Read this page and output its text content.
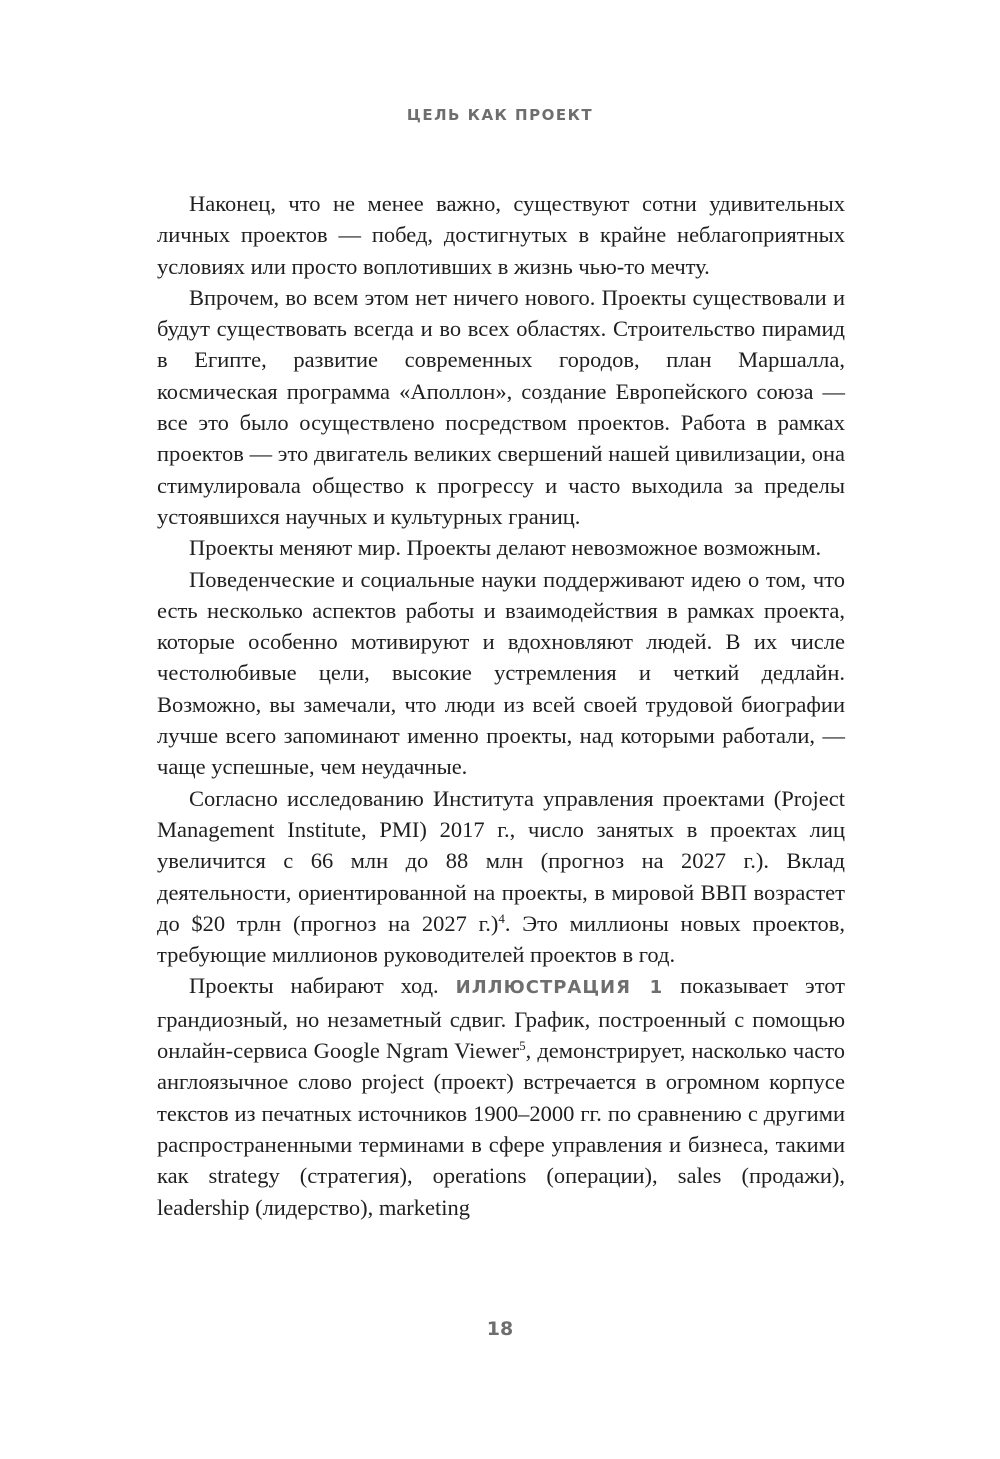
ЦЕЛЬ КАК ПРОЕКТ

Наконец, что не менее важно, существуют сотни удивительных личных проектов — побед, достигнутых в крайне неблагоприятных условиях или просто воплотивших в жизнь чью-то мечту.

Впрочем, во всем этом нет ничего нового. Проекты существовали и будут существовать всегда и во всех областях. Строительство пирамид в Египте, развитие современных городов, план Маршалла, космическая программа «Аполлон», создание Европейского союза — все это было осуществлено посредством проектов. Работа в рамках проектов — это двигатель великих свершений нашей цивилизации, она стимулировала общество к прогрессу и часто выходила за пределы устоявшихся научных и культурных границ.

Проекты меняют мир. Проекты делают невозможное возможным.

Поведенческие и социальные науки поддерживают идею о том, что есть несколько аспектов работы и взаимодействия в рамках проекта, которые особенно мотивируют и вдохновляют людей. В их числе честолюбивые цели, высокие устремления и четкий дедлайн. Возможно, вы замечали, что люди из всей своей трудовой биографии лучше всего запоминают именно проекты, над которыми работали, — чаще успешные, чем неудачные.

Согласно исследованию Института управления проектами (Project Management Institute, PMI) 2017 г., число занятых в проектах лиц увеличится с 66 млн до 88 млн (прогноз на 2027 г.). Вклад деятельности, ориентированной на проекты, в мировой ВВП возрастет до $20 трлн (прогноз на 2027 г.)$^4$. Это миллионы новых проектов, требующие миллионов руководителей проектов в год.

Проекты набирают ход. ИЛЛЮСТРАЦИЯ 1 показывает этот грандиозный, но незаметный сдвиг. График, построенный с помощью онлайн-сервиса Google Ngram Viewer$^5$, демонстрирует, насколько часто англоязычное слово project (проект) встречается в огромном корпусе текстов из печатных источников 1900–2000 гг. по сравнению с другими распространенными терминами в сфере управления и бизнеса, такими как strategy (стратегия), operations (операции), sales (продажи), leadership (лидерство), marketing

18
